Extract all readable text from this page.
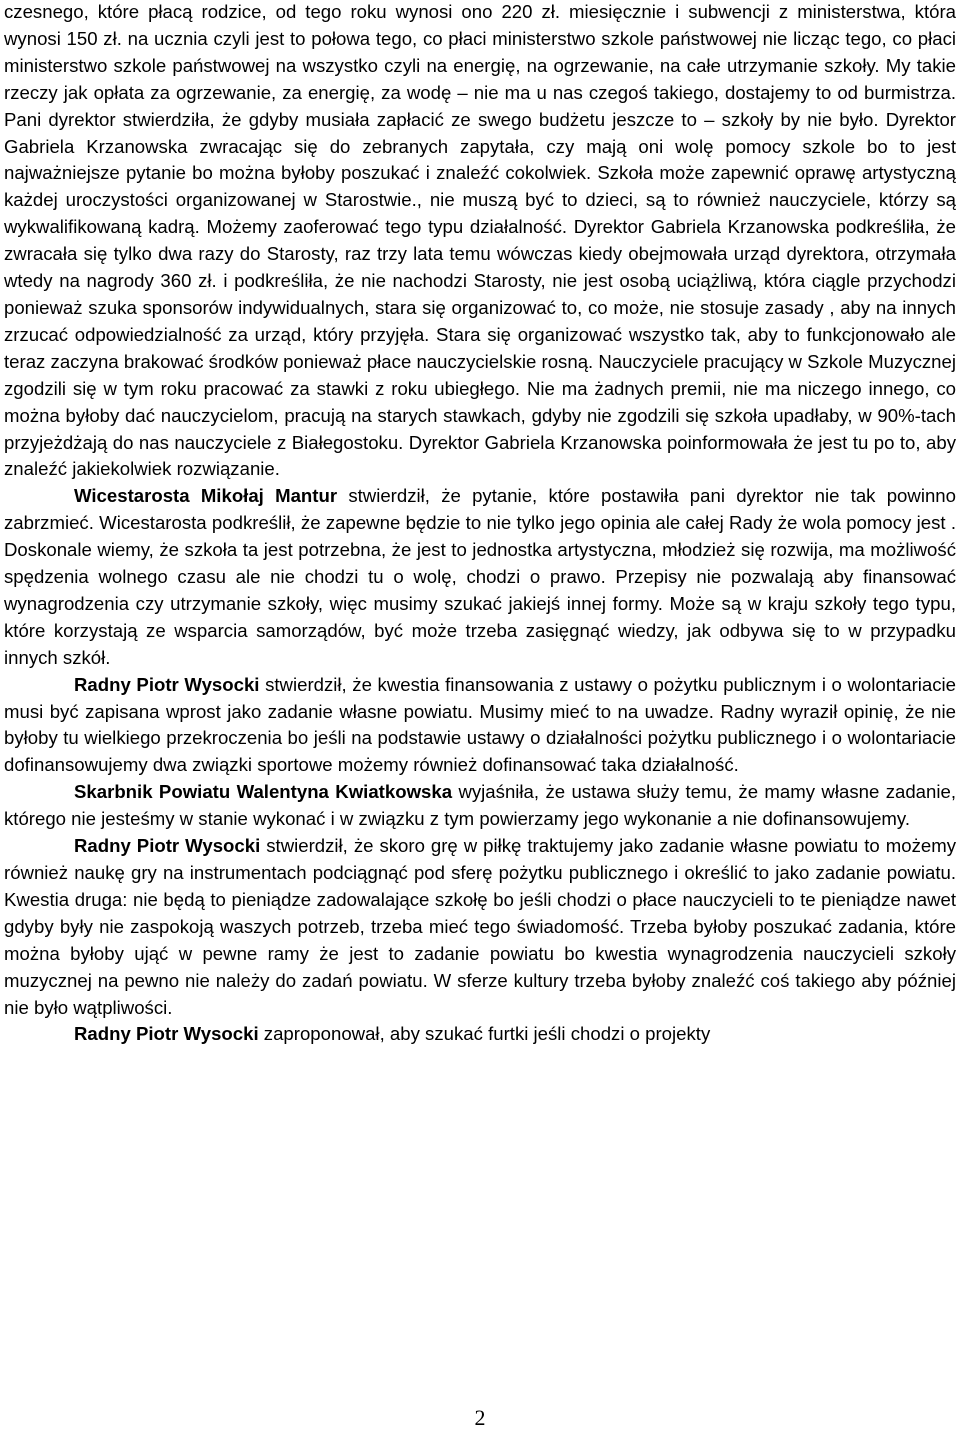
czesnego, które płacą rodzice, od tego roku wynosi ono 220 zł. miesięcznie i subwencji z ministerstwa, która wynosi 150 zł. na ucznia czyli jest to połowa tego, co płaci ministerstwo szkole państwowej nie licząc tego, co płaci ministerstwo szkole państwowej na wszystko czyli na energię, na ogrzewanie, na całe utrzymanie szkoły. My takie rzeczy jak opłata za ogrzewanie, za energię, za wodę – nie ma u nas czegoś takiego, dostajemy to od burmistrza. Pani dyrektor stwierdziła, że gdyby musiała zapłacić ze swego budżetu jeszcze to – szkoły by nie było. Dyrektor Gabriela Krzanowska zwracając się do zebranych zapytała, czy mają oni wolę pomocy szkole bo to jest najważniejsze pytanie bo można byłoby poszukać i znaleźć cokolwiek. Szkoła może zapewnić oprawę artystyczną każdej uroczystości organizowanej w Starostwie., nie muszą być to dzieci, są to również nauczyciele, którzy są wykwalifikowaną kadrą. Możemy zaoferować tego typu działalność. Dyrektor Gabriela Krzanowska podkreśliła, że zwracała się tylko dwa razy do Starosty, raz trzy lata temu wówczas kiedy obejmowała urząd dyrektora, otrzymała wtedy na nagrody 360 zł. i podkreśliła, że nie nachodzi Starosty, nie jest osobą uciążliwą, która ciągle przychodzi ponieważ szuka sponsorów indywidualnych, stara się organizować to, co może, nie stosuje zasady , aby na innych zrzucać odpowiedzialność za urząd, który przyjęła. Stara się organizować wszystko tak, aby to funkcjonowało ale teraz zaczyna brakować środków ponieważ płace nauczycielskie rosną. Nauczyciele pracujący w Szkole Muzycznej zgodzili się w tym roku pracować za stawki z roku ubiegłego. Nie ma żadnych premii, nie ma niczego innego, co można byłoby dać nauczycielom, pracują na starych stawkach, gdyby nie zgodzili się szkoła upadłaby, w 90%-tach przyjeżdżają do nas nauczyciele z Białegostoku. Dyrektor Gabriela Krzanowska poinformowała że jest tu po to, aby znaleźć jakiekolwiek rozwiązanie.

Wicestarosta Mikołaj Mantur stwierdził, że pytanie, które postawiła pani dyrektor nie tak powinno zabrzmieć. Wicestarosta podkreślił, że zapewne będzie to nie tylko jego opinia ale całej Rady że wola pomocy jest . Doskonale wiemy, że szkoła ta jest potrzebna, że jest to jednostka artystyczna, młodzież się rozwija, ma możliwość spędzenia wolnego czasu ale nie chodzi tu o wolę, chodzi o prawo. Przepisy nie pozwalają aby finansować wynagrodzenia czy utrzymanie szkoły, więc musimy szukać jakiejś innej formy. Może są w kraju szkoły tego typu, które korzystają ze wsparcia samorządów, być może trzeba zasięgnąć wiedzy, jak odbywa się to w przypadku innych szkół.

Radny Piotr Wysocki stwierdził, że kwestia finansowania z ustawy o pożytku publicznym i o wolontariacie musi być zapisana wprost jako zadanie własne powiatu. Musimy mieć to na uwadze. Radny wyraził opinię, że nie byłoby tu wielkiego przekroczenia bo jeśli na podstawie ustawy o działalności pożytku publicznego i o wolontariacie dofinansowujemy dwa związki sportowe możemy również dofinansować taka działalność.

Skarbnik Powiatu Walentyna Kwiatkowska wyjaśniła, że ustawa służy temu, że mamy własne zadanie, którego nie jesteśmy w stanie wykonać i w związku z tym powierzamy jego wykonanie a nie dofinansowujemy.

Radny Piotr Wysocki stwierdził, że skoro grę w piłkę traktujemy jako zadanie własne powiatu to możemy również naukę gry na instrumentach podciągnąć pod sferę pożytku publicznego i określić to jako zadanie powiatu. Kwestia druga: nie będą to pieniądze zadowalające szkołę bo jeśli chodzi o płace nauczycieli to te pieniądze nawet gdyby były nie zaspokoją waszych potrzeb, trzeba mieć tego świadomość. Trzeba byłoby poszukać zadania, które można byłoby ująć w pewne ramy że jest to zadanie powiatu bo kwestia wynagrodzenia nauczycieli szkoły muzycznej na pewno nie należy do zadań powiatu. W sferze kultury trzeba byłoby znaleźć coś takiego aby później nie było wątpliwości.

Radny Piotr Wysocki zaproponował, aby szukać furtki jeśli chodzi o projekty

2
